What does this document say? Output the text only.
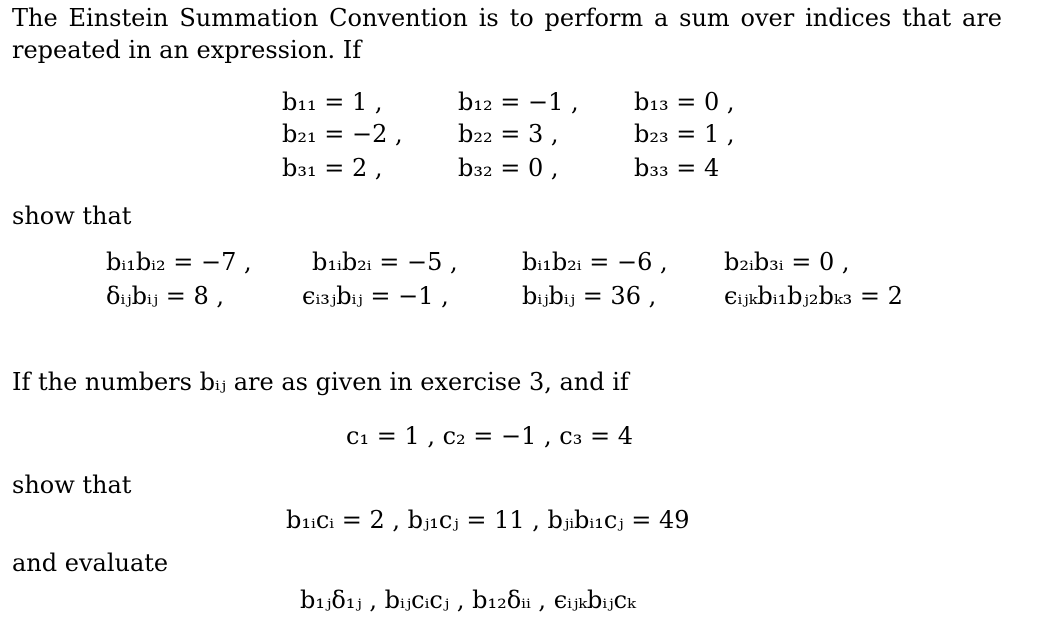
The Einstein Summation Convention is to perform a sum over indices that are
repeated in an expression. If
b₁₁ = 1 ,	b₁₂ = −1 , b₁₃ = 0 ,
b₂₁ = −2 , b₂₂ = 3 ,	b₂₃ = 1 ,
b₃₁ = 2 ,	b₃₂ = 0 ,	b₃₃ = 4
show that
bᵢ₁bᵢ₂ = −7 ,	b₁ᵢb₂ᵢ = −5 ,	bᵢ₁b₂ᵢ = −6 , b₂ᵢb₃ᵢ = 0 ,
δᵢⱼbᵢⱼ = 8 ,	ϵᵢ₃ⱼbᵢⱼ = −1 ,	bᵢⱼbᵢⱼ = 36 ,	ϵᵢⱼₖbᵢ₁bⱼ₂bₖ₃ = 2
If the numbers bᵢⱼ are as given in exercise 3, and if
c₁ = 1 , c₂ = −1 , c₃ = 4
show that
b₁ᵢcᵢ = 2 , bⱼ₁cⱼ = 11 , bⱼᵢbᵢ₁cⱼ = 49
and evaluate
b₁ⱼδ₁ⱼ , bᵢⱼcᵢcⱼ , b₁₂δᵢᵢ , ϵᵢⱼₖbᵢⱼcₖ
